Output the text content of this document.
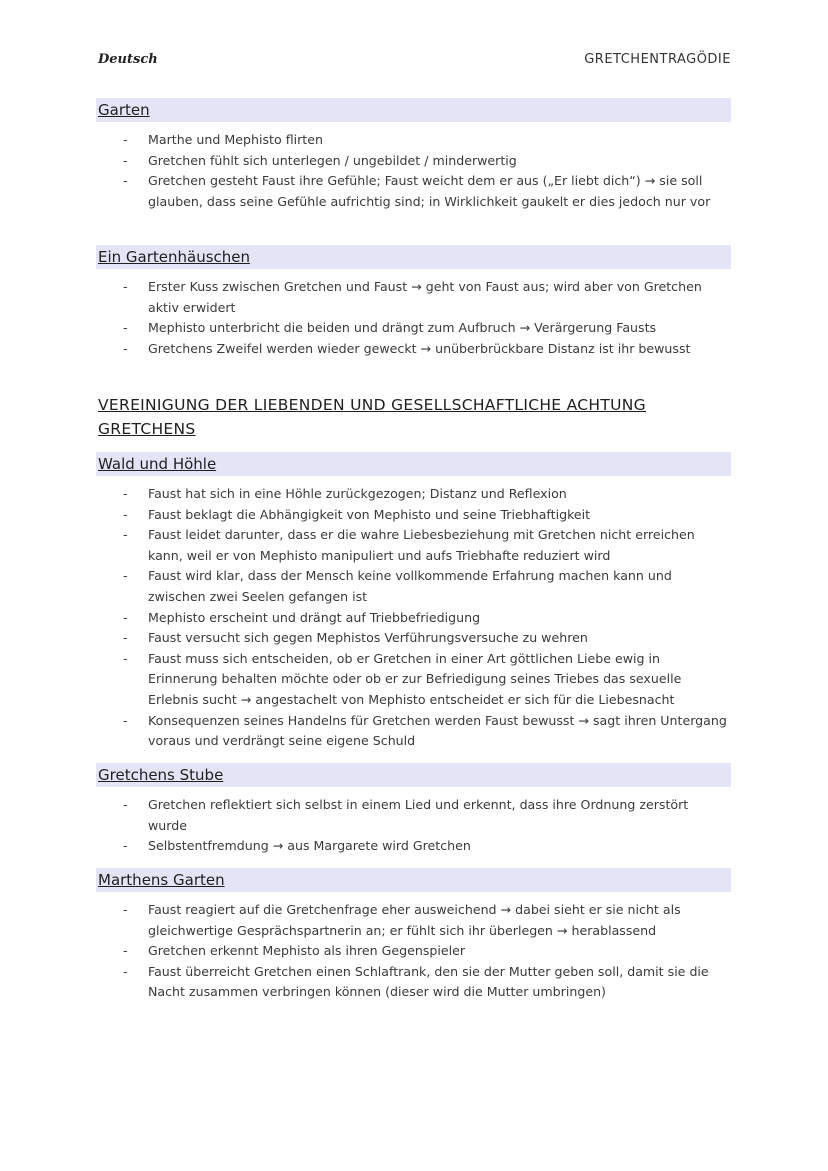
Deutsch	GRETCHENTRAGÖDIE
Garten
- Marthe und Mephisto flirten
- Gretchen fühlt sich unterlegen / ungebildet / minderwertig
- Gretchen gesteht Faust ihre Gefühle; Faust weicht dem er aus („Er liebt dich“) → sie soll glauben, dass seine Gefühle aufrichtig sind; in Wirklichkeit gaukelt er dies jedoch nur vor
Ein Gartenhäuschen
- Erster Kuss zwischen Gretchen und Faust → geht von Faust aus; wird aber von Gretchen aktiv erwidert
- Mephisto unterbricht die beiden und drängt zum Aufbruch → Verärgerung Fausts
- Gretchens Zweifel werden wieder geweckt → unüberbrückbare Distanz ist ihr bewusst
VEREINIGUNG DER LIEBENDEN UND GESELLSCHAFTLICHE ACHTUNG GRETCHENS
Wald und Höhle
- Faust hat sich in eine Höhle zurückgezogen; Distanz und Reflexion
- Faust beklagt die Abhängigkeit von Mephisto und seine Triebhaftigkeit
- Faust leidet darunter, dass er die wahre Liebesbeziehung mit Gretchen nicht erreichen kann, weil er von Mephisto manipuliert und aufs Triebhafte reduziert wird
- Faust wird klar, dass der Mensch keine vollkommende Erfahrung machen kann und zwischen zwei Seelen gefangen ist
- Mephisto erscheint und drängt auf Triebbefriedigung
- Faust versucht sich gegen Mephistos Verführungsversuche zu wehren
- Faust muss sich entscheiden, ob er Gretchen in einer Art göttlichen Liebe ewig in Erinnerung behalten möchte oder ob er zur Befriedigung seines Triebes das sexuelle Erlebnis sucht → angestachelt von Mephisto entscheidet er sich für die Liebesnacht
- Konsequenzen seines Handelns für Gretchen werden Faust bewusst → sagt ihren Untergang voraus und verdrängt seine eigene Schuld
Gretchens Stube
- Gretchen reflektiert sich selbst in einem Lied und erkennt, dass ihre Ordnung zerstört wurde
- Selbstentfremdung → aus Margarete wird Gretchen
Marthens Garten
- Faust reagiert auf die Gretchenfrage eher ausweichend → dabei sieht er sie nicht als gleichwertige Gesprächspartnerin an; er fühlt sich ihr überlegen → herablassend
- Gretchen erkennt Mephisto als ihren Gegenspieler
- Faust überreicht Gretchen einen Schlaftrank, den sie der Mutter geben soll, damit sie die Nacht zusammen verbringen können (dieser wird die Mutter umbringen)
